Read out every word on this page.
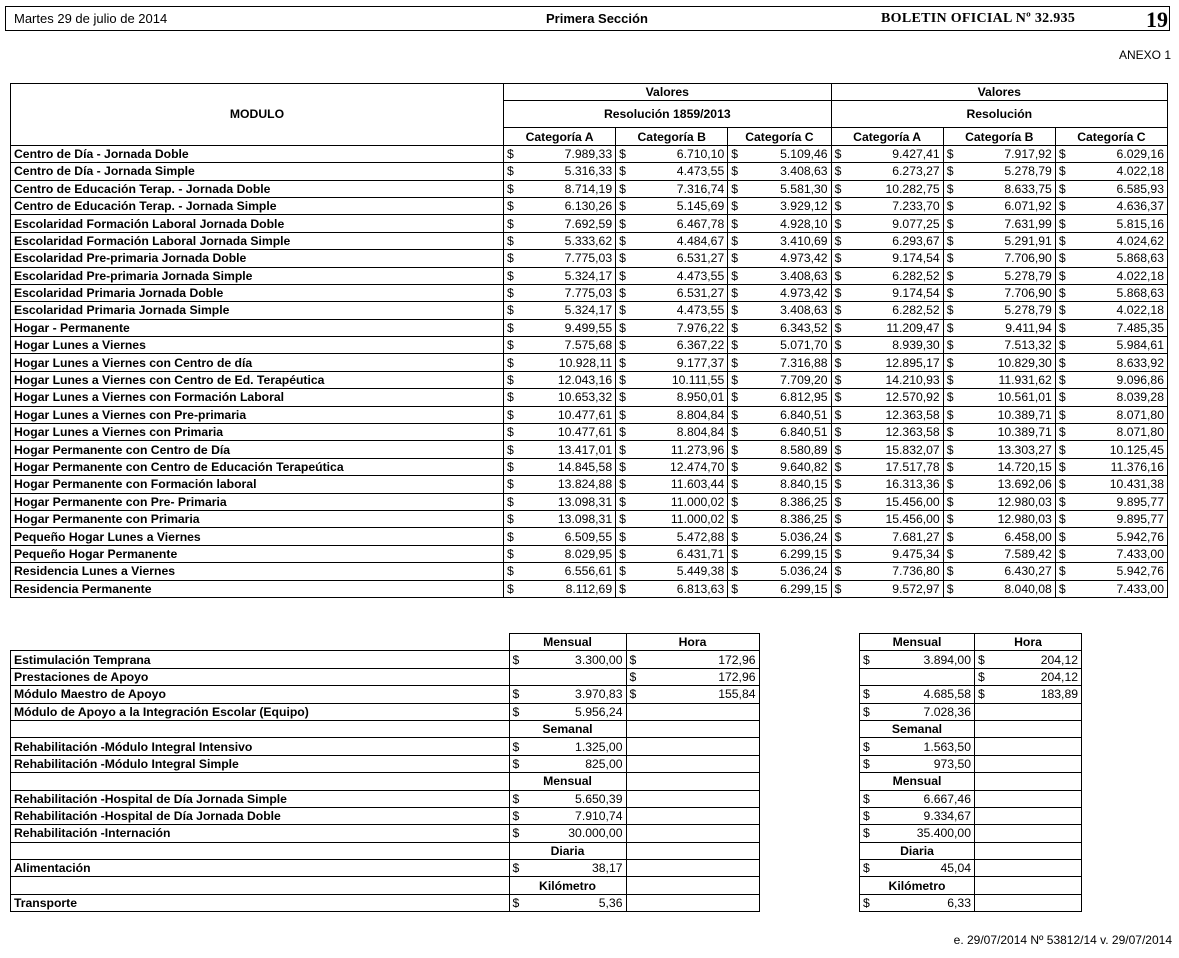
Martes 29 de julio de 2014	Primera Sección	BOLETIN OFICIAL Nº 32.935	19
ANEXO 1
MODULO	Valores						Valores					
	Resolución 1859/2013						Resolución					
	Categoría A		Categoría B		Categoría C		Categoría A		Categoría B		Categoría C	
Centro de Día - Jornada Doble	$	7.989,33	$	6.710,10	$	5.109,46	$	9.427,41	$	7.917,92	$	6.029,16
Centro de Día - Jornada Simple	$	5.316,33	$	4.473,55	$	3.408,63	$	6.273,27	$	5.278,79	$	4.022,18
Centro de Educación Terap. - Jornada Doble	$	8.714,19	$	7.316,74	$	5.581,30	$	10.282,75	$	8.633,75	$	6.585,93
Centro de Educación Terap. - Jornada Simple	$	6.130,26	$	5.145,69	$	3.929,12	$	7.233,70	$	6.071,92	$	4.636,37
Escolaridad Formación Laboral Jornada Doble	$	7.692,59	$	6.467,78	$	4.928,10	$	9.077,25	$	7.631,99	$	5.815,16
Escolaridad Formación Laboral Jornada Simple	$	5.333,62	$	4.484,67	$	3.410,69	$	6.293,67	$	5.291,91	$	4.024,62
Escolaridad Pre-primaria Jornada Doble	$	7.775,03	$	6.531,27	$	4.973,42	$	9.174,54	$	7.706,90	$	5.868,63
Escolaridad Pre-primaria Jornada Simple	$	5.324,17	$	4.473,55	$	3.408,63	$	6.282,52	$	5.278,79	$	4.022,18
Escolaridad Primaria Jornada Doble	$	7.775,03	$	6.531,27	$	4.973,42	$	9.174,54	$	7.706,90	$	5.868,63
Escolaridad Primaria Jornada Simple	$	5.324,17	$	4.473,55	$	3.408,63	$	6.282,52	$	5.278,79	$	4.022,18
Hogar - Permanente	$	9.499,55	$	7.976,22	$	6.343,52	$	11.209,47	$	9.411,94	$	7.485,35
Hogar Lunes a Viernes	$	7.575,68	$	6.367,22	$	5.071,70	$	8.939,30	$	7.513,32	$	5.984,61
Hogar Lunes a Viernes con Centro de día	$	10.928,11	$	9.177,37	$	7.316,88	$	12.895,17	$	10.829,30	$	8.633,92
Hogar Lunes a Viernes con Centro de Ed. Terapéutica	$	12.043,16	$	10.111,55	$	7.709,20	$	14.210,93	$	11.931,62	$	9.096,86
Hogar Lunes a Viernes con Formación Laboral	$	10.653,32	$	8.950,01	$	6.812,95	$	12.570,92	$	10.561,01	$	8.039,28
Hogar Lunes a Viernes con Pre-primaria	$	10.477,61	$	8.804,84	$	6.840,51	$	12.363,58	$	10.389,71	$	8.071,80
Hogar Lunes a Viernes con Primaria	$	10.477,61	$	8.804,84	$	6.840,51	$	12.363,58	$	10.389,71	$	8.071,80
Hogar Permanente con Centro de Día	$	13.417,01	$	11.273,96	$	8.580,89	$	15.832,07	$	13.303,27	$	10.125,45
Hogar Permanente con Centro de Educación Terapeútica	$	14.845,58	$	12.474,70	$	9.640,82	$	17.517,78	$	14.720,15	$	11.376,16
Hogar Permanente con Formación laboral	$	13.824,88	$	11.603,44	$	8.840,15	$	16.313,36	$	13.692,06	$	10.431,38
Hogar Permanente con Pre- Primaria	$	13.098,31	$	11.000,02	$	8.386,25	$	15.456,00	$	12.980,03	$	9.895,77
Hogar Permanente con Primaria	$	13.098,31	$	11.000,02	$	8.386,25	$	15.456,00	$	12.980,03	$	9.895,77
Pequeño Hogar Lunes a Viernes	$	6.509,55	$	5.472,88	$	5.036,24	$	7.681,27	$	6.458,00	$	5.942,76
Pequeño Hogar Permanente	$	8.029,95	$	6.431,71	$	6.299,15	$	9.475,34	$	7.589,42	$	7.433,00
Residencia Lunes a Viernes	$	6.556,61	$	5.449,38	$	5.036,24	$	7.736,80	$	6.430,27	$	5.942,76
Residencia Permanente	$	8.112,69	$	6.813,63	$	6.299,15	$	9.572,97	$	8.040,08	$	7.433,00
	Mensual		Hora	
Estimulación Temprana	$	3.300,00	$	172,96
Prestaciones de Apoyo			$	172,96
Módulo Maestro de Apoyo	$	3.970,83	$	155,84
Módulo de Apoyo a la Integración Escolar (Equipo)	$	5.956,24		
	Semanal			
Rehabilitación -Módulo Integral Intensivo	$	1.325,00		
Rehabilitación -Módulo Integral Simple	$	825,00		
	Mensual			
Rehabilitación -Hospital de Día Jornada Simple	$	5.650,39		
Rehabilitación -Hospital de Día Jornada Doble	$	7.910,74		
Rehabilitación -Internación	$	30.000,00		
	Diaria			
Alimentación	$	38,17		
	Kilómetro			
Transporte	$	5,36		
Mensual		Hora	
$	3.894,00	$	204,12
		$	204,12
$	4.685,58	$	183,89
$	7.028,36		
Semanal			
$	1.563,50		
$	973,50		
Mensual			
$	6.667,46		
$	9.334,67		
$	35.400,00		
Diaria			
$	45,04		
Kilómetro			
$	6,33		
e. 29/07/2014 Nº 53812/14 v. 29/07/2014
